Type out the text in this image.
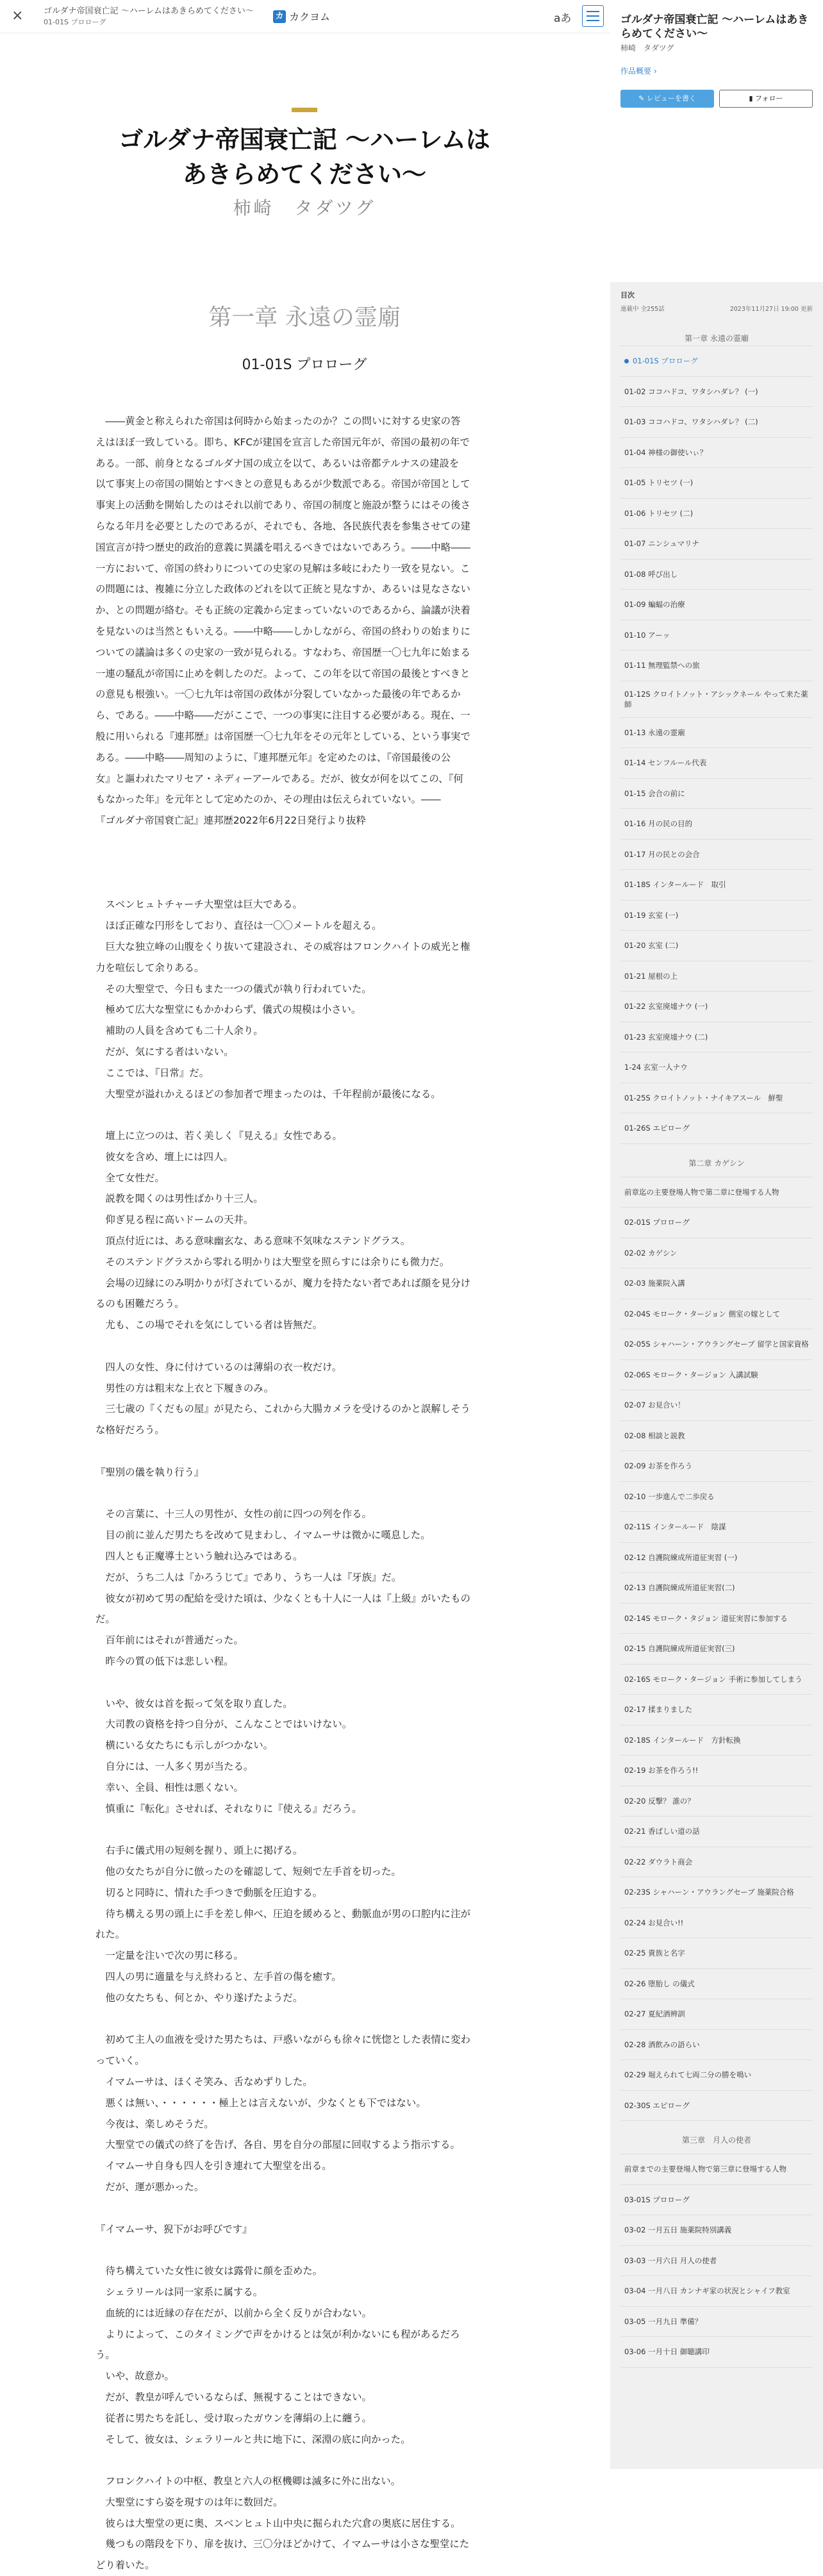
× ゴルダナ帝国衰亡記 〜ハーレムはあきらめてください〜
01-01S プロローグ
カ カクヨム	aあ
ゴルダナ帝国衰亡記 〜ハーレムは
あきらめてください〜
柿崎　タダツグ
第一章 永遠の霊廟
01-01S プロローグ

　――黄金と称えられた帝国は何時から始まったのか？この問いに対する史家の答

えはほぼ一致している。即ち、KFCが建国を宣言した帝国元年が、帝国の最初の年で

ある。一部、前身となるゴルダナ国の成立を以て、あるいは帝都テルナスの建設を

以て事実上の帝国の開始とすべきとの意見もあるが少数派である。帝国が帝国として

事実上の活動を開始したのはそれ以前であり、帝国の制度と施設が整うにはその後さ

らなる年月を必要としたのであるが、それでも、各地、各民族代表を参集させての建

国宣言が持つ歴史的政治的意義に異議を唱えるべきではないであろう。――中略――

一方において、帝国の終わりについての史家の見解は多岐にわたり一致を見ない。こ

の問題には、複雑に分立した政体のどれを以て正統と見なすか、あるいは見なさない

か、との問題が絡む。そも正統の定義から定まっていないのであるから、論議が決着

を見ないのは当然ともいえる。――中略――しかしながら、帝国の終わりの始まりに

ついての議論は多くの史家の一致が見られる。すなわち、帝国歴一〇七九年に始まる

一連の騒乱が帝国に止めを刺したのだ。よって、この年を以て帝国の最後とすべきと

の意見も根強い。一〇七九年は帝国の政体が分裂していなかった最後の年であるか

ら、である。――中略――だがここで、一つの事実に注目する必要がある。現在、一

般に用いられる『連邦歴』は帝国歴一〇七九年をその元年としている、という事実で

ある。――中略――周知のように、『連邦歴元年』を定めたのは、『帝国最後の公

女』と謳われたマリセア・ネディーアールである。だが、彼女が何を以てこの、『何

もなかった年』を元年として定めたのか、その理由は伝えられていない。――

『ゴルダナ帝国衰亡記』連邦歴2022年6月22日発行より抜粋

　スベンヒュトチャーチ大聖堂は巨大である。

　ほぼ正確な円形をしており、直径は一〇〇メートルを超える。

　巨大な独立峰の山腹をくり抜いて建設され、その威容はフロンクハイトの威光と権

力を喧伝して余りある。

　その大聖堂で、今日もまた一つの儀式が執り行われていた。

　極めて広大な聖堂にもかかわらず、儀式の規模は小さい。

　補助の人員を含めても二十人余り。

　だが、気にする者はいない。

　ここでは、『日常』だ。

　大聖堂が溢れかえるほどの参加者で埋まったのは、千年程前が最後になる。

　壇上に立つのは、若く美しく『見える』女性である。

　彼女を含め、壇上には四人。

　全て女性だ。

　説教を聞くのは男性ばかり十三人。

　仰ぎ見る程に高いドームの天井。

　頂点付近には、ある意味幽玄な、ある意味不気味なステンドグラス。

　そのステンドグラスから零れる明かりは大聖堂を照らすには余りにも微力だ。

　会場の辺縁にのみ明かりが灯されているが、魔力を持たない者であれば顔を見分け

るのも困難だろう。

　尤も、この場でそれを気にしている者は皆無だ。

　四人の女性、身に付けているのは薄絹の衣一枚だけ。

　男性の方は粗末な上衣と下履きのみ。

　三七歳の『くだもの屋』が見たら、これから大腸カメラを受けるのかと誤解しそう

な格好だろう。

『聖別の儀を執り行う』

　その言葉に、十三人の男性が、女性の前に四つの列を作る。

　目の前に並んだ男たちを改めて見まわし、イマムーサは微かに嘆息した。

　四人とも正魔導士という触れ込みではある。

　だが、うち二人は『かろうじて』であり、うち一人は『牙族』だ。

　彼女が初めて男の配給を受けた頃は、少なくとも十人に一人は『上級』がいたもの

だ。

　百年前にはそれが普通だった。

　昨今の質の低下は悲しい程。

　いや、彼女は首を振って気を取り直した。

　大司教の資格を持つ自分が、こんなことではいけない。

　横にいる女たちにも示しがつかない。

　自分には、一人多く男が当たる。

　幸い、全員、相性は悪くない。

　慎重に『転化』させれば、それなりに『使える』だろう。

　右手に儀式用の短剣を握り、頭上に掲げる。

　他の女たちが自分に倣ったのを確認して、短剣で左手首を切った。

　切ると同時に、情れた手つきで動脈を圧迫する。

　待ち構える男の頭上に手を差し伸べ、圧迫を緩めると、動脈血が男の口腔内に注が

れた。

　一定量を注いで次の男に移る。

　四人の男に適量を与え終わると、左手首の傷を癒す。

　他の女たちも、何とか、やり遂げたようだ。

　初めて主人の血液を受けた男たちは、戸惑いながらも徐々に恍惚とした表情に変わ

っていく。

　イマムーサは、ほくそ笑み、舌なめずりした。

　悪くは無い、・・・・・・極上とは言えないが、少なくとも下ではない。

　今夜は、楽しめそうだ。

　大聖堂での儀式の終了を告げ、各自、男を自分の部屋に回収するよう指示する。

　イマムーサ自身も四人を引き連れて大聖堂を出る。

　だが、運が悪かった。

『イマムーサ、猊下がお呼びです』

　待ち構えていた女性に彼女は露骨に顔を歪めた。

　シェラリールは同一家系に属する。

　血統的には近縁の存在だが、以前から全く反りが合わない。

　よりによって、このタイミングで声をかけるとは気が利かないにも程があるだろ

う。

　いや、故意か。

　だが、教皇が呼んでいるならば、無視することはできない。

　従者に男たちを託し、受け取ったガウンを薄絹の上に纏う。

　そして、彼女は、シェラリールと共に地下に、深淵の底に向かった。

　フロンクハイトの中枢、教皇と六人の枢機卿は滅多に外に出ない。

　大聖堂にすら姿を現すのは年に数回だ。

　彼らは大聖堂の更に奥、スベンヒュト山中央に掘られた穴倉の奥底に居住する。

　幾つもの階段を下り、扉を抜け、三〇分ほどかけて、イマムーサは小さな聖堂にた

どり着いた。

ゴルダナ帝国衰亡記 〜ハーレムはあきらめてください〜
柿崎　タダツグ
作品概要 ›
✎ レビューを書く	▮ フォロー
目次
連載中 全255話	2023年11月27日 19:00 更新
第一章 永遠の霊廟
01-01S プロローグ
01-02 ココハドコ、ワタシハダレ？ (一)
01-03 ココハドコ、ワタシハダレ？ (二)
01-04 神様の御使いぃ？
01-05 トリセツ (一)
01-06 トリセツ (二)
01-07 ニンシュマリナ
01-08 呼び出し
01-09 蝙蝠の治療
01-10 アーッ
01-11 無理監禁への旅
01-12S クロイトノット・アシックネール やって来た薬師
01-13 永遠の霊廟
01-14 センフルール代表
01-15 会合の前に
01-16 月の民の目的
01-17 月の民との会合
01-18S インタールード　取引
01-19 玄室 (一)
01-20 玄室 (二)
01-21 屋根の上
01-22 玄室廃墟ナウ (一)
01-23 玄室廃墟ナウ (二)
1-24 玄室一人ナウ
01-25S クロイトノット・ナイキアスール　鮮聖
01-26S エピローグ
第二章 カゲシン
前章迄の主要登場人物で第二章に登場する人物
02-01S プロローグ
02-02 カゲシン
02-03 施薬院入講
02-04S モローク・タージョン 側室の嫁として
02-05S シャハーン・アウラングセーブ 留学と国家資格
02-06S モローク・タージョン 入講試験
02-07 お見合い！
02-08 相談と説教
02-09 お茶を作ろう
02-10 一歩進んで二歩戻る
02-11S インタールード　陰謀
02-12 自護院練成所道征実習 (一)
02-13 自護院練成所道征実習(二)
02-14S モローク・タジョン 道征実習に参加する
02-15 自護院練成所道征実習(三)
02-16S モローク・タージョン 手術に参加してしまう
02-17 揉まりました
02-18S インタールード　方針転換
02-19 お茶を作ろう!!
02-20 反撃？ 誰の？
02-21 香ばしい道の話
02-22 ダウラト商会
02-23S シャハーン・アウラングセーブ 施薬院合格
02-24 お見合い!!
02-25 貴族と名字
02-26 堕胎し の儀式
02-27 夏紀酒辨訓
02-28 酒飲みの語らい
02-29 堀えられて七両二分の勝を鳴い
02-30S エピローグ
第三章　月人の使者
前章までの主要登場人物で第三章に登場する人物
03-01S プロローグ
03-02 一月五日 施薬院特別講義
03-03 一月六日 月人の使者
03-04 一月八日 カンナギ家の状況とシャイフ教室
03-05 一月九日 準備？
03-06 一月十日 御聴講印
